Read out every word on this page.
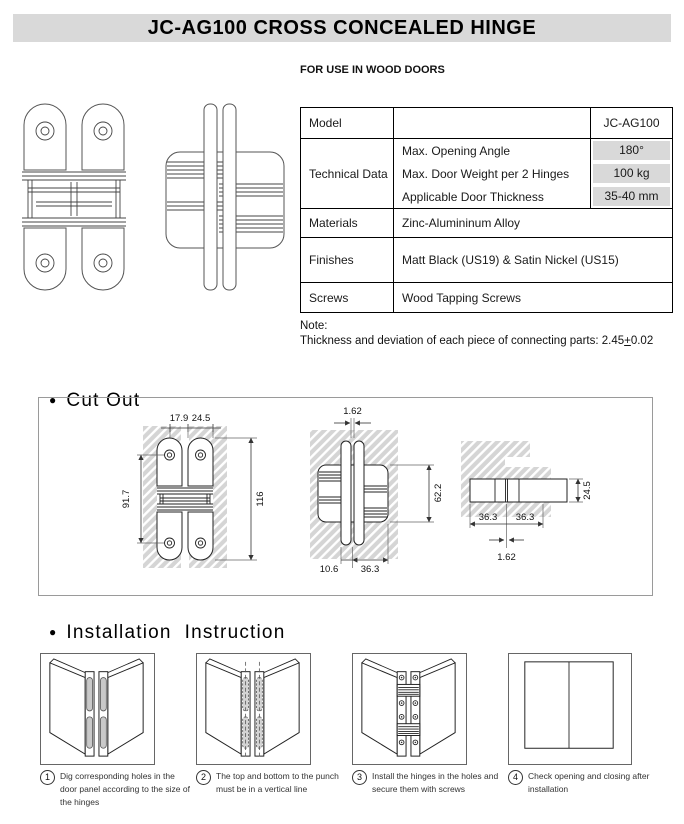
JC-AG100 CROSS CONCEALED HINGE
FOR USE IN WOOD DOORS
Model		JC-AG100
Technical Data	Max. Opening Angle	180°

	Max. Door Weight per 2 Hinges	100 kg

	Applicable Door Thickness	35-40 mm

Materials	Zinc-Alumininum Alloy	
Finishes	Matt Black (US19) & Satin Nickel (US15)	
Screws	Wood Tapping Screws	
Note:
Thickness and deviation of each piece of connecting parts: 2.45+0.02

● Cut Out

17.9 24.5
91.7	116
1.62
62.2
10.6 36.3
24.5
36.3 36.3
1.62

● Installation  Instruction

1	Dig corresponding holes in the door panel according to the size of the hinges

2	The top and bottom to the punch must be in a vertical line

3	Install the hinges in the holes and secure them with screws

4	Check opening and closing after installation
